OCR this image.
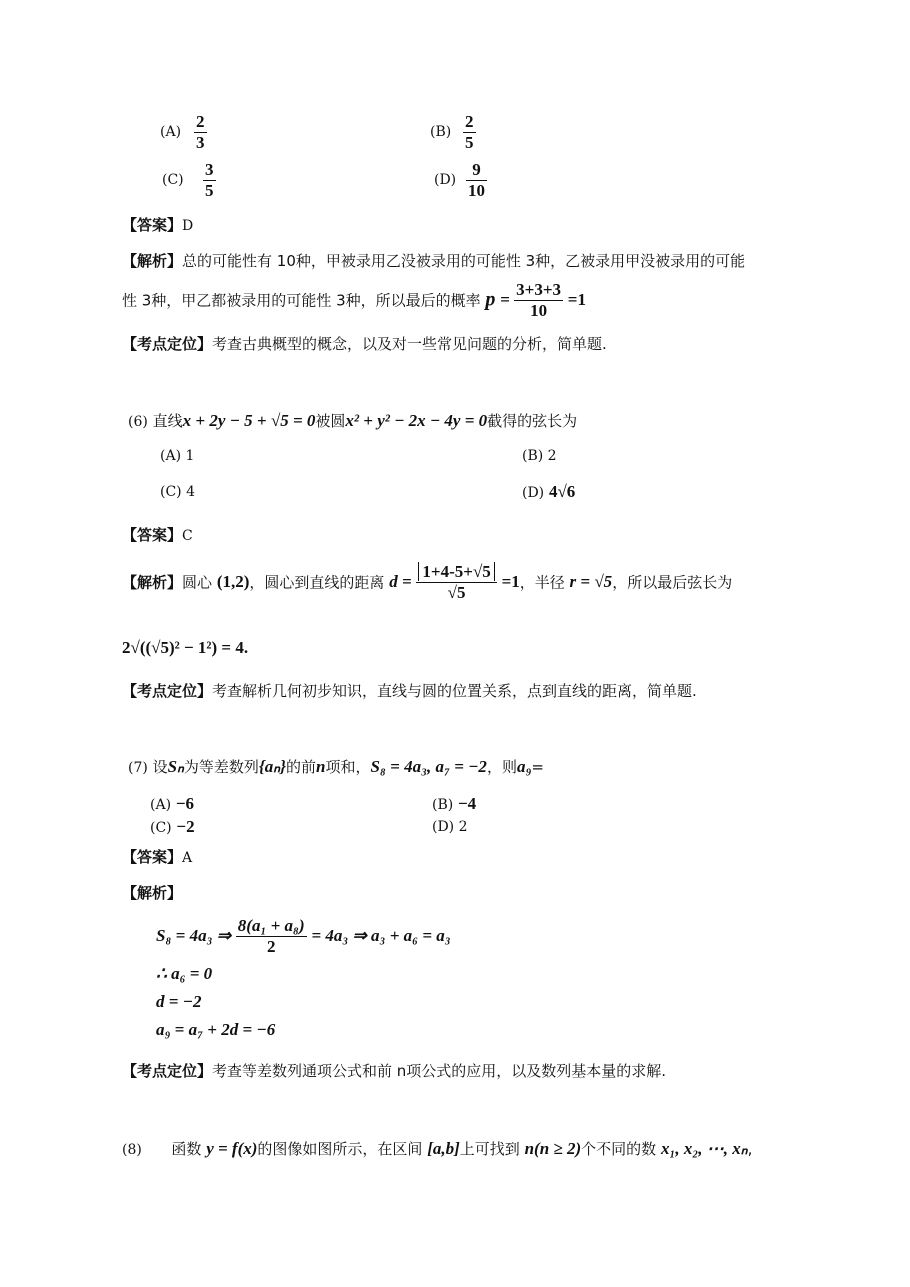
$(A) \frac{2}{3}$	$(B) \frac{2}{5}$
$(C) \frac{3}{5}$	$(D) \frac{9}{10}$
【答案】D
【解析】总的可能性有 10种，甲被录用乙没被录用的可能性 3种，乙被录用甲没被录用的可能
性 3种，甲乙都被录用的可能性 3种，所以最后的概率 $p = \frac{3+3+3}{10} =1$
【考点定位】考查古典概型的概念，以及对一些常见问题的分析，简单题.
(6) 直线x + 2y − 5 + √5 = 0被圆x² + y² − 2x − 4y = 0截得的弦长为
(A) 1	(B) 2
(C) 4	(D) 4√6
【答案】C
【解析】圆心 (1,2)，圆心到直线的距离 $d = \frac{1+4-5+√5}{√5} =1$，半径 r = √5，所以最后弦长为
2√((√5)² − 1²) = 4.
【考点定位】考查解析几何初步知识，直线与圆的位置关系，点到直线的距离，简单题.
(7) 设Sₙ为等差数列{aₙ}的前n项和，S₈ = 4a₃, a₇ = −2，则a₉=
(A) −6	(B) −4
(C) −2	(D) 2
【答案】A
【解析】
S₈ = 4a₃ ⇒ $\frac{\text{8(a₁ + a₈)}}{2} = 4a_3$ ⇒ a₃ + a₆ = a₃
∴ a₆ = 0
d = −2
a₉ = a₇ + 2d = −6
【考点定位】考查等差数列通项公式和前 n项公式的应用，以及数列基本量的求解.
(8) 函数 y = f(x)的图像如图所示，在区间 [a,b]上可找到 n(n ≥ 2)个不同的数 x₁, x₂, ⋯, xₙ,
